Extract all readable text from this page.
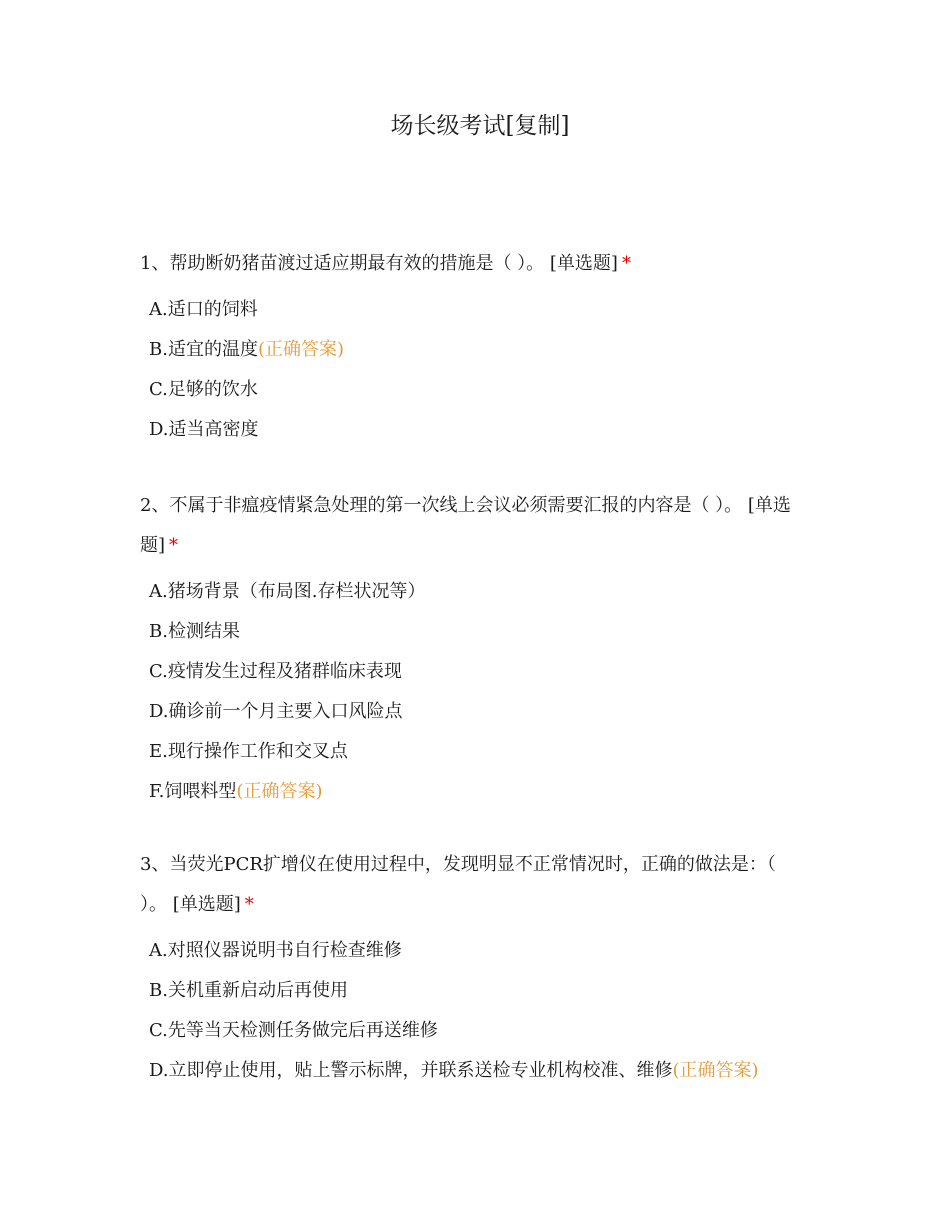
场长级考试[复制]

1、帮助断奶猪苗渡过适应期最有效的措施是（ ）。 [单选题] *

A.适口的饲料
B.适宜的温度(正确答案)
C.足够的饮水
D.适当高密度

2、不属于非瘟疫情紧急处理的第一次线上会议必须需要汇报的内容是（ ）。 [单选题] *

A.猪场背景（布局图.存栏状况等）
B.检测结果
C.疫情发生过程及猪群临床表现
D.确诊前一个月主要入口风险点
E.现行操作工作和交叉点
F.饲喂料型(正确答案)

3、当荧光PCR扩增仪在使用过程中，发现明显不正常情况时，正确的做法是：（ ）。 [单选题] *

A.对照仪器说明书自行检查维修
B.关机重新启动后再使用
C.先等当天检测任务做完后再送维修
D.立即停止使用，贴上警示标牌，并联系送检专业机构校准、维修(正确答案)
